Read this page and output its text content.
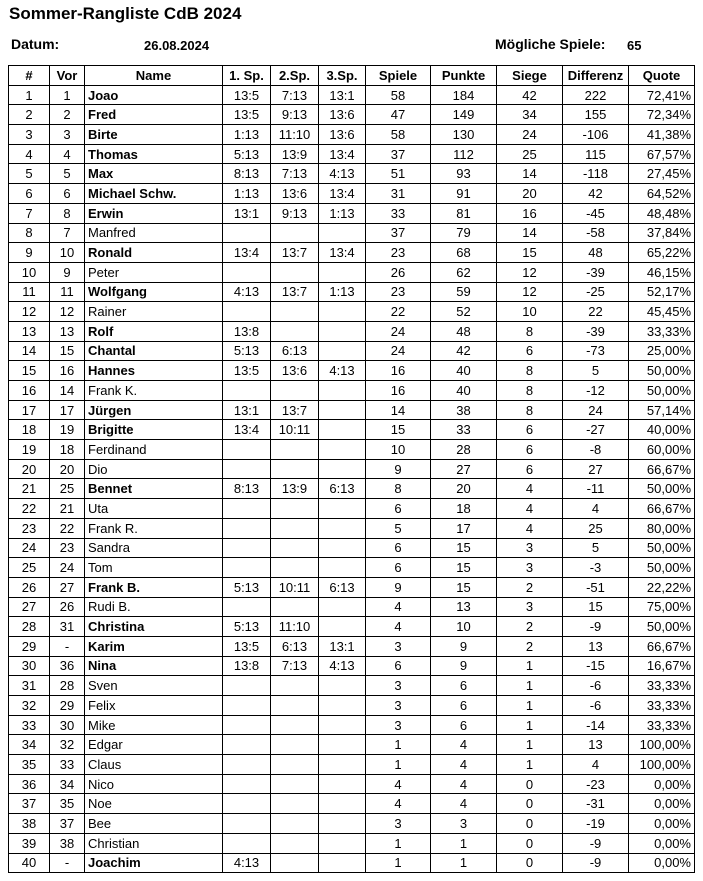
Sommer-Rangliste CdB 2024
Datum:	26.08.2024	Mögliche Spiele: 65
#	Vor	Name	1. Sp.	2.Sp.	3.Sp.	Spiele	Punkte	Siege	Differenz	Quote
1	1	Joao	13:5	7:13	13:1	58	184	42	222	72,41%
2	2	Fred	13:5	9:13	13:6	47	149	34	155	72,34%
3	3	Birte	1:13	11:10	13:6	58	130	24	-106	41,38%
4	4	Thomas	5:13	13:9	13:4	37	112	25	115	67,57%
5	5	Max	8:13	7:13	4:13	51	93	14	-118	27,45%
6	6	Michael Schw.	1:13	13:6	13:4	31	91	20	42	64,52%
7	8	Erwin	13:1	9:13	1:13	33	81	16	-45	48,48%
8	7	Manfred				37	79	14	-58	37,84%
9	10	Ronald	13:4	13:7	13:4	23	68	15	48	65,22%
10	9	Peter				26	62	12	-39	46,15%
11	11	Wolfgang	4:13	13:7	1:13	23	59	12	-25	52,17%
12	12	Rainer				22	52	10	22	45,45%
13	13	Rolf	13:8			24	48	8	-39	33,33%
14	15	Chantal	5:13	6:13		24	42	6	-73	25,00%
15	16	Hannes	13:5	13:6	4:13	16	40	8	5	50,00%
16	14	Frank K.				16	40	8	-12	50,00%
17	17	Jürgen	13:1	13:7		14	38	8	24	57,14%
18	19	Brigitte	13:4	10:11		15	33	6	-27	40,00%
19	18	Ferdinand				10	28	6	-8	60,00%
20	20	Dio				9	27	6	27	66,67%
21	25	Bennet	8:13	13:9	6:13	8	20	4	-11	50,00%
22	21	Uta				6	18	4	4	66,67%
23	22	Frank R.				5	17	4	25	80,00%
24	23	Sandra				6	15	3	5	50,00%
25	24	Tom				6	15	3	-3	50,00%
26	27	Frank B.	5:13	10:11	6:13	9	15	2	-51	22,22%
27	26	Rudi B.				4	13	3	15	75,00%
28	31	Christina	5:13	11:10		4	10	2	-9	50,00%
29	-	Karim	13:5	6:13	13:1	3	9	2	13	66,67%
30	36	Nina	13:8	7:13	4:13	6	9	1	-15	16,67%
31	28	Sven				3	6	1	-6	33,33%
32	29	Felix				3	6	1	-6	33,33%
33	30	Mike				3	6	1	-14	33,33%
34	32	Edgar				1	4	1	13	100,00%
35	33	Claus				1	4	1	4	100,00%
36	34	Nico				4	4	0	-23	0,00%
37	35	Noe				4	4	0	-31	0,00%
38	37	Bee				3	3	0	-19	0,00%
39	38	Christian				1	1	0	-9	0,00%
40	-	Joachim	4:13			1	1	0	-9	0,00%
